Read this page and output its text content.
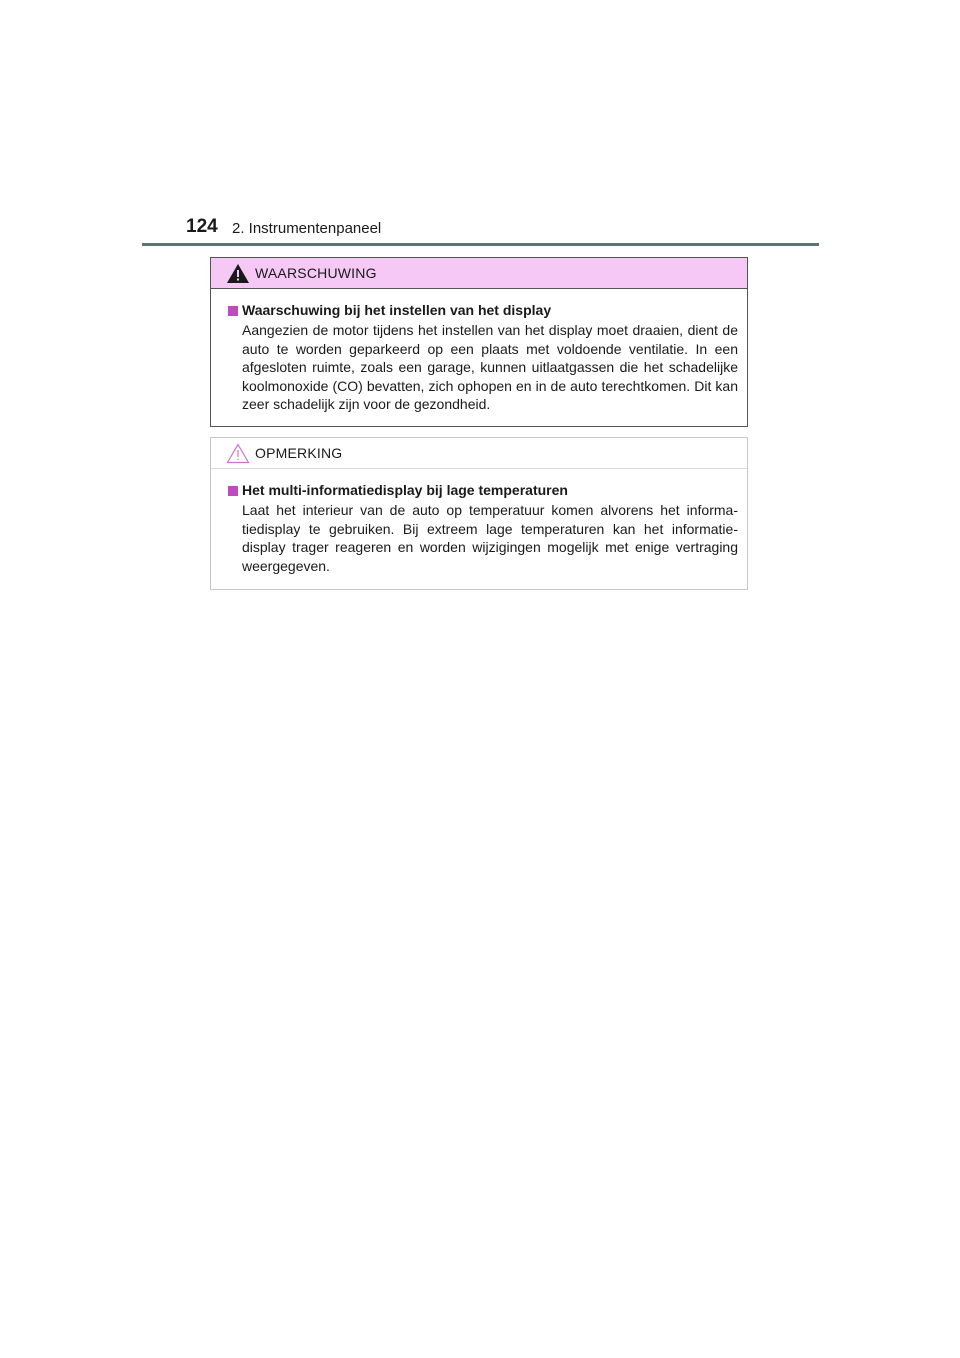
124 2. Instrumentenpaneel
WAARSCHUWING
Waarschuwing bij het instellen van het display
Aangezien de motor tijdens het instellen van het display moet draaien, dient de auto te worden geparkeerd op een plaats met voldoende ventilatie. In een afgesloten ruimte, zoals een garage, kunnen uitlaatgassen die het schadelijke koolmonoxide (CO) bevatten, zich ophopen en in de auto terechtkomen. Dit kan zeer schadelijk zijn voor de gezondheid.
OPMERKING
Het multi-informatiedisplay bij lage temperaturen
Laat het interieur van de auto op temperatuur komen alvorens het informa-tiedisplay te gebruiken. Bij extreem lage temperaturen kan het informatie-display trager reageren en worden wijzigingen mogelijk met enige vertraging weergegeven.
